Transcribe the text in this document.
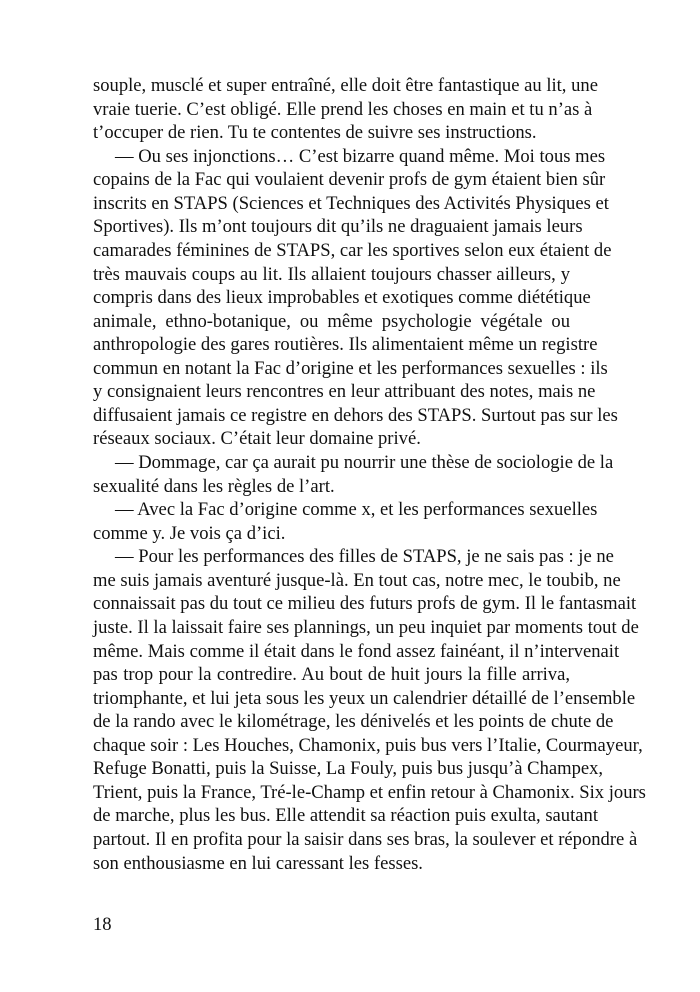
souple, musclé et super entraîné, elle doit être fantastique au lit, une
vraie tuerie. C’est obligé. Elle prend les choses en main et tu n’as à
t’occuper de rien. Tu te contentes de suivre ses instructions.
— Ou ses injonctions… C’est bizarre quand même. Moi tous mes
copains de la Fac qui voulaient devenir profs de gym étaient bien sûr
inscrits en STAPS (Sciences et Techniques des Activités Physiques et
Sportives). Ils m’ont toujours dit qu’ils ne draguaient jamais leurs
camarades féminines de STAPS, car les sportives selon eux étaient de
très mauvais coups au lit. Ils allaient toujours chasser ailleurs, y
compris dans des lieux improbables et exotiques comme diététique
animale, ethno-botanique, ou même psychologie végétale ou
anthropologie des gares routières. Ils alimentaient même un registre
commun en notant la Fac d’origine et les performances sexuelles : ils
y consignaient leurs rencontres en leur attribuant des notes, mais ne
diffusaient jamais ce registre en dehors des STAPS. Surtout pas sur les
réseaux sociaux. C’était leur domaine privé.
— Dommage, car ça aurait pu nourrir une thèse de sociologie de la
sexualité dans les règles de l’art.
— Avec la Fac d’origine comme x, et les performances sexuelles
comme y. Je vois ça d’ici.
— Pour les performances des filles de STAPS, je ne sais pas : je ne
me suis jamais aventuré jusque-là. En tout cas, notre mec, le toubib, ne
connaissait pas du tout ce milieu des futurs profs de gym. Il le fantasmait
juste. Il la laissait faire ses plannings, un peu inquiet par moments tout de
même. Mais comme il était dans le fond assez fainéant, il n’intervenait
pas trop pour la contredire. Au bout de huit jours la fille arriva,
triomphante, et lui jeta sous les yeux un calendrier détaillé de l’ensemble
de la rando avec le kilométrage, les dénivelés et les points de chute de
chaque soir : Les Houches, Chamonix, puis bus vers l’Italie, Courmayeur,
Refuge Bonatti, puis la Suisse, La Fouly, puis bus jusqu’à Champex,
Trient, puis la France, Tré-le-Champ et enfin retour à Chamonix. Six jours
de marche, plus les bus. Elle attendit sa réaction puis exulta, sautant
partout. Il en profita pour la saisir dans ses bras, la soulever et répondre à
son enthousiasme en lui caressant les fesses.
18
